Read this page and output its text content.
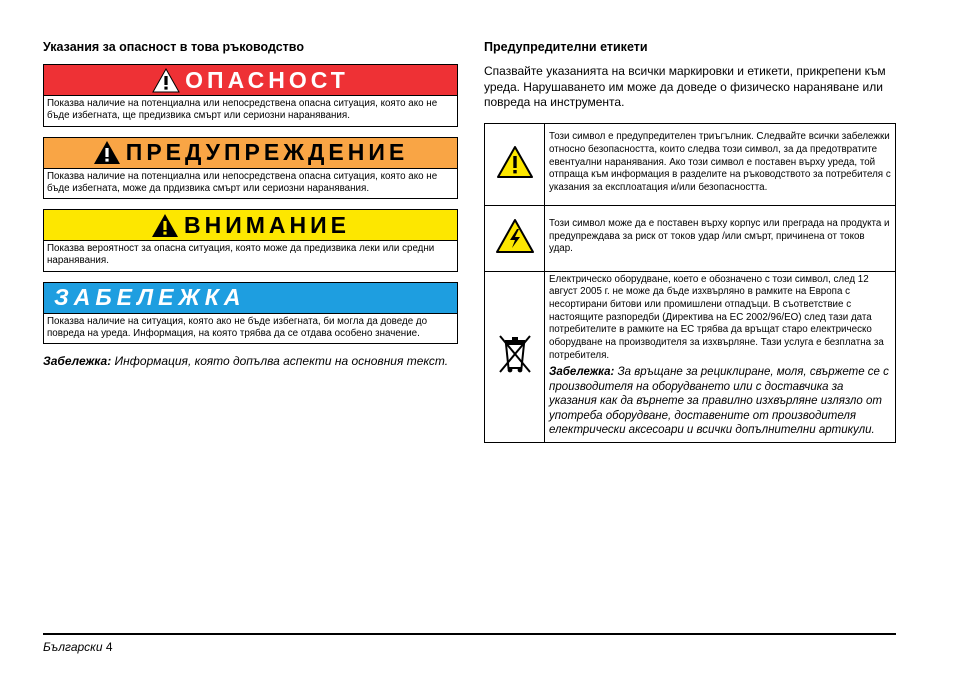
Указания за опасност в това ръководство
ОПАСНОСТ
Показва наличие на потенциална или непосредствена опасна ситуация, която ако не бъде избегната, ще предизвика смърт или сериозни наранявания.
ПРЕДУПРЕЖДЕНИЕ
Показва наличие на потенциална или непосредствена опасна ситуация, която ако не бъде избегната, може да прдизвика смърт или сериозни наранявания.
ВНИМАНИЕ
Показва вероятност за опасна ситуация, която може да предизвика леки или средни наранявания.
ЗАБЕЛЕЖКА
Показва наличие на ситуация, която ако не бъде избегната, би могла да доведе до повреда на уреда. Информация, на която трябва да се отдава особено значение.
Забележка: Информация, която допълва аспекти на основния текст.
Предупредителни етикети
Спазвайте указанията на всички маркировки и етикети, прикрепени към уреда. Нарушаването им може да доведе о физическо нараняване или повреда на инструмента.
	Този символ е предупредителен триъгълник. Следвайте всички забележки относно безопасността, които следва този символ, за да предотвратите евентуални наранявания. Ако този символ е поставен върху уреда, той отпраща към информация в разделите на ръководството за потребителя с указания за експлоатация и/или безопасността.
	Този символ може да е поставен върху корпус или преграда на продукта и предупреждава за риск от токов удар /или смърт, причинена от токов удар.

Електрическо оборудване, което е обозначено с този символ, след 12 август 2005 г. не може да бъде изхвърляно в рамките на Европа с несортирани битови или промишлени отпадъци. В съответствие с настоящите разпоредби (Директива на ЕС 2002/96/ЕО) след тази дата потребителите в рамките на ЕС трябва да връщат старо електрическо оборудване на производителя за изхвърляне. Тази услуга е безплатна за потребителя.
Забележка: За връщане за рециклиране, моля, свържете се с производителя на оборудването или с доставчика за указания как да върнете за правилно изхвърляне излязло от употреба оборудване, доставените от производителя електрически аксесоари и всички допълнителни артикули.
Български 4
